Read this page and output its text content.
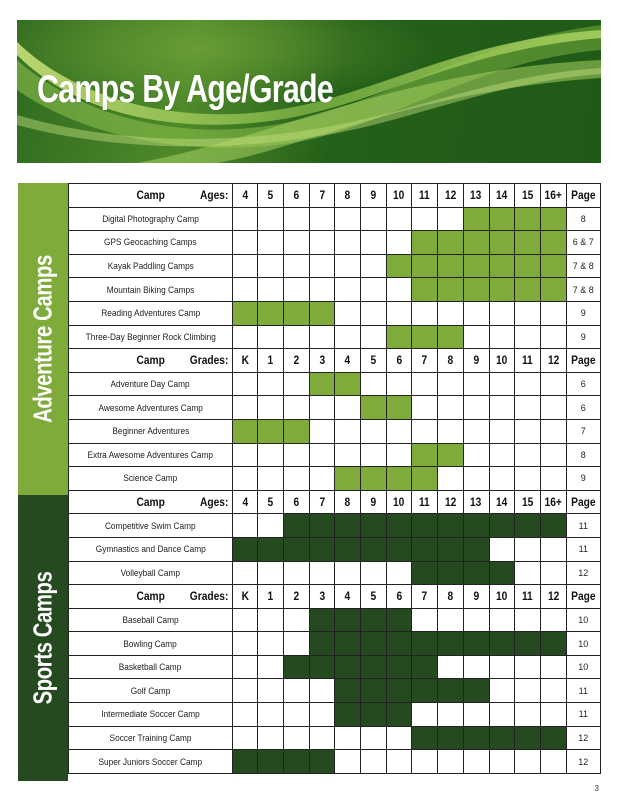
Camps By Age/Grade
Adventure Camps
Sports Camps
Camp Ages:	4	5	6	7	8	9	10	11	12	13	14	15	16+	Page
Digital Photography Camp														8
GPS Geocaching Camps														6 & 7
Kayak Paddling Camps														7 & 8
Mountain Biking Camps														7 & 8
Reading Adventures Camp														9
Three-Day Beginner Rock Climbing														9

Camp Grades:	K	1	2	3	4	5	6	7	8	9	10	11	12	Page
Adventure Day Camp														6
Awesome Adventures Camp														6
Beginner Adventures														7
Extra Awesome Adventures Camp														8
Science Camp														9

Camp Ages:	4	5	6	7	8	9	10	11	12	13	14	15	16+	Page
Competitive Swim Camp														11
Gymnastics and Dance Camp														11
Volleyball Camp														12

Camp Grades:	K	1	2	3	4	5	6	7	8	9	10	11	12	Page
Baseball Camp														10
Bowling Camp														10
Basketball Camp														10
Golf Camp														11
Intermediate Soccer Camp														11
Soccer Training Camp														12
Super Juniors Soccer Camp														12
3
